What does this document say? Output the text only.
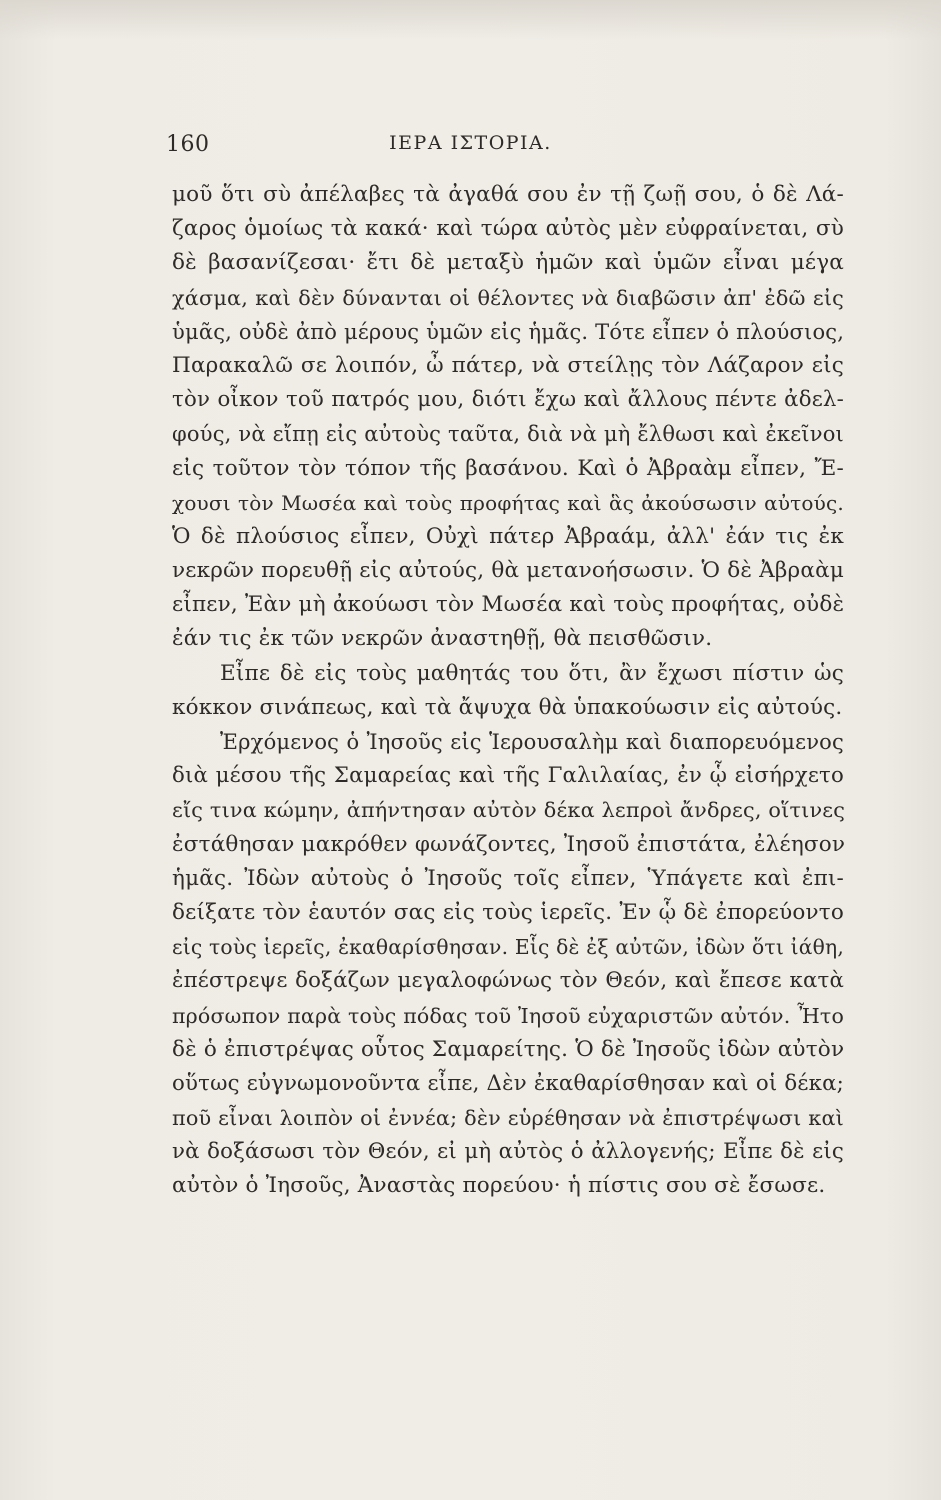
160	ΙΕΡΑ ΙΣΤΟΡΙΑ.
μοῦ ὅτι σὺ ἀπέλαβες τὰ ἀγαθά σου ἐν τῇ ζωῇ σου, ὁ δὲ Λά-
ζαρος ὁμοίως τὰ κακά· καὶ τώρα αὐτὸς μὲν εὐφραίνεται, σὺ
δὲ βασανίζεσαι· ἔτι δὲ μεταξὺ ἡμῶν καὶ ὑμῶν εἶναι μέγα
χάσμα, καὶ δὲν δύνανται οἱ θέλοντες νὰ διαβῶσιν ἀπ' ἐδῶ εἰς
ὑμᾶς, οὐδὲ ἀπὸ μέρους ὑμῶν εἰς ἡμᾶς. Τότε εἶπεν ὁ πλούσιος,
Παρακαλῶ σε λοιπόν, ὦ πάτερ, νὰ στείλῃς τὸν Λάζαρον εἰς
τὸν οἶκον τοῦ πατρός μου, διότι ἔχω καὶ ἄλλους πέντε ἀδελ-
φούς, νὰ εἴπῃ εἰς αὐτοὺς ταῦτα, διὰ νὰ μὴ ἔλθωσι καὶ ἐκεῖνοι
εἰς τοῦτον τὸν τόπον τῆς βασάνου. Καὶ ὁ Ἀβραὰμ εἶπεν, Ἔ-
χουσι τὸν Μωσέα καὶ τοὺς προφήτας καὶ ἃς ἀκούσωσιν αὐτούς.
Ὁ δὲ πλούσιος εἶπεν, Οὐχὶ πάτερ Ἀβραάμ, ἀλλ' ἐάν τις ἐκ
νεκρῶν πορευθῇ εἰς αὐτούς, θὰ μετανοήσωσιν. Ὁ δὲ Ἀβραὰμ
εἶπεν, Ἐὰν μὴ ἀκούωσι τὸν Μωσέα καὶ τοὺς προφήτας, οὐδὲ
ἐάν τις ἐκ τῶν νεκρῶν ἀναστηθῇ, θὰ πεισθῶσιν.
Εἶπε δὲ εἰς τοὺς μαθητάς του ὅτι, ἂν ἔχωσι πίστιν ὡς
κόκκον σινάπεως, καὶ τὰ ἄψυχα θὰ ὑπακούωσιν εἰς αὐτούς.
Ἐρχόμενος ὁ Ἰησοῦς εἰς Ἱερουσαλὴμ καὶ διαπορευόμενος
διὰ μέσου τῆς Σαμαρείας καὶ τῆς Γαλιλαίας, ἐν ᾧ εἰσήρχετο
εἴς τινα κώμην, ἀπήντησαν αὐτὸν δέκα λεπροὶ ἄνδρες, οἵτινες
ἐστάθησαν μακρόθεν φωνάζοντες, Ἰησοῦ ἐπιστάτα, ἐλέησον
ἡμᾶς. Ἰδὼν αὐτοὺς ὁ Ἰησοῦς τοῖς εἶπεν, Ὑπάγετε καὶ ἐπι-
δείξατε τὸν ἑαυτόν σας εἰς τοὺς ἱερεῖς. Ἐν ᾧ δὲ ἐπορεύοντο
εἰς τοὺς ἱερεῖς, ἐκαθαρίσθησαν. Εἷς δὲ ἐξ αὐτῶν, ἰδὼν ὅτι ἰάθη,
ἐπέστρεψε δοξάζων μεγαλοφώνως τὸν Θεόν, καὶ ἔπεσε κατὰ
πρόσωπον παρὰ τοὺς πόδας τοῦ Ἰησοῦ εὐχαριστῶν αὐτόν. Ἦτο
δὲ ὁ ἐπιστρέψας οὗτος Σαμαρείτης. Ὁ δὲ Ἰησοῦς ἰδὼν αὐτὸν
οὕτως εὐγνωμονοῦντα εἶπε, Δὲν ἐκαθαρίσθησαν καὶ οἱ δέκα;
ποῦ εἶναι λοιπὸν οἱ ἐννέα; δὲν εὑρέθησαν νὰ ἐπιστρέψωσι καὶ
νὰ δοξάσωσι τὸν Θεόν, εἰ μὴ αὐτὸς ὁ ἀλλογενής; Εἶπε δὲ εἰς
αὐτὸν ὁ Ἰησοῦς, Ἀναστὰς πορεύου· ἡ πίστις σου σὲ ἔσωσε.
